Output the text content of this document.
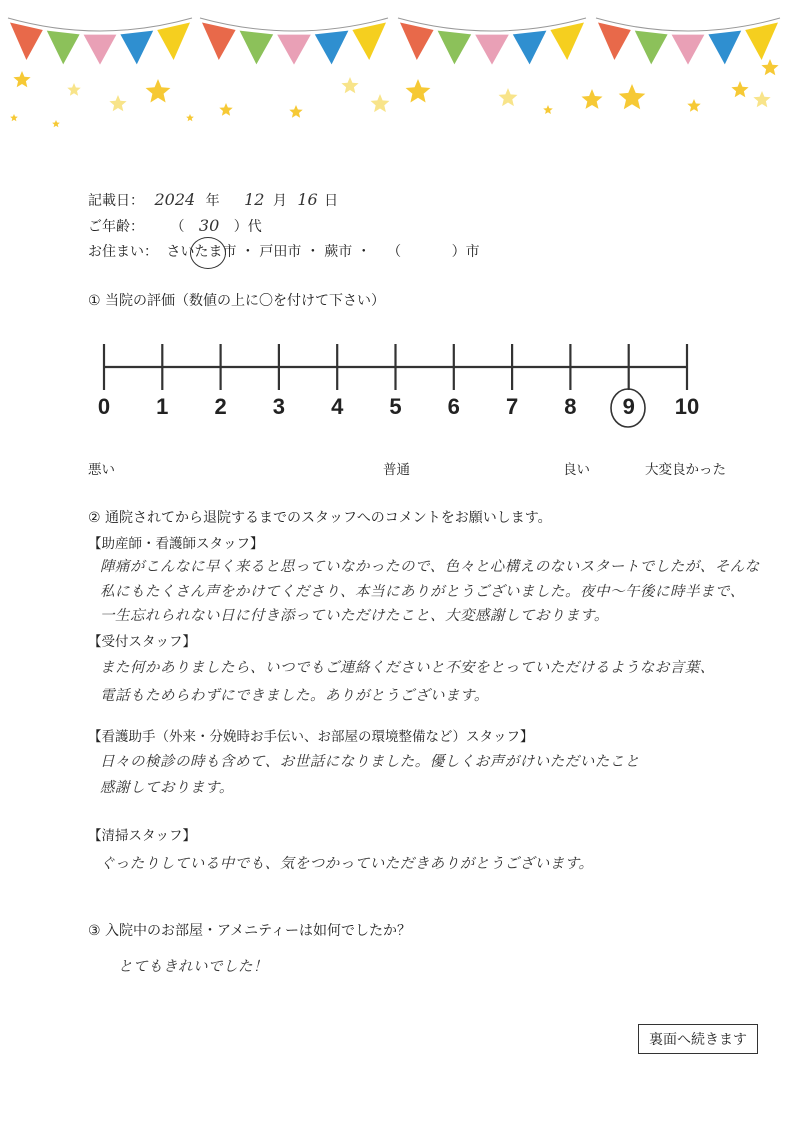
記載日： 2024 年 12 月 16 日
ご年齢： （ 30 ）代
お住まい： さいたま市
・ 戸田市 ・ 蕨市 ・ （	）市
① 当院の評価（数値の上に〇を付けて下さい）
0	1	2	3	4	5	6	7	8	9	10
悪い	普通	良い	大変良かった
② 通院されてから退院するまでのスタッフへのコメントをお願いします。
【助産師・看護師スタッフ】
陣痛がこんなに早く来ると思っていなかったので、色々と心構えのないスタートでしたが、そんな
私にもたくさん声をかけてくださり、本当にありがとうございました。夜中〜午後に時半まで、
一生忘れられない日に付き添っていただけたこと、大変感謝しております。
【受付スタッフ】
また何かありましたら、いつでもご連絡くださいと不安をとっていただけるようなお言葉、
電話もためらわずにできました。ありがとうございます。
【看護助手（外来・分娩時お手伝い、お部屋の環境整備など）スタッフ】
日々の検診の時も含めて、お世話になりました。優しくお声がけいただいたこと
感謝しております。
【清掃スタッフ】
ぐったりしている中でも、気をつかっていただきありがとうございます。
③ 入院中のお部屋・アメニティーは如何でしたか？
とてもきれいでした！
裏面へ続きます
